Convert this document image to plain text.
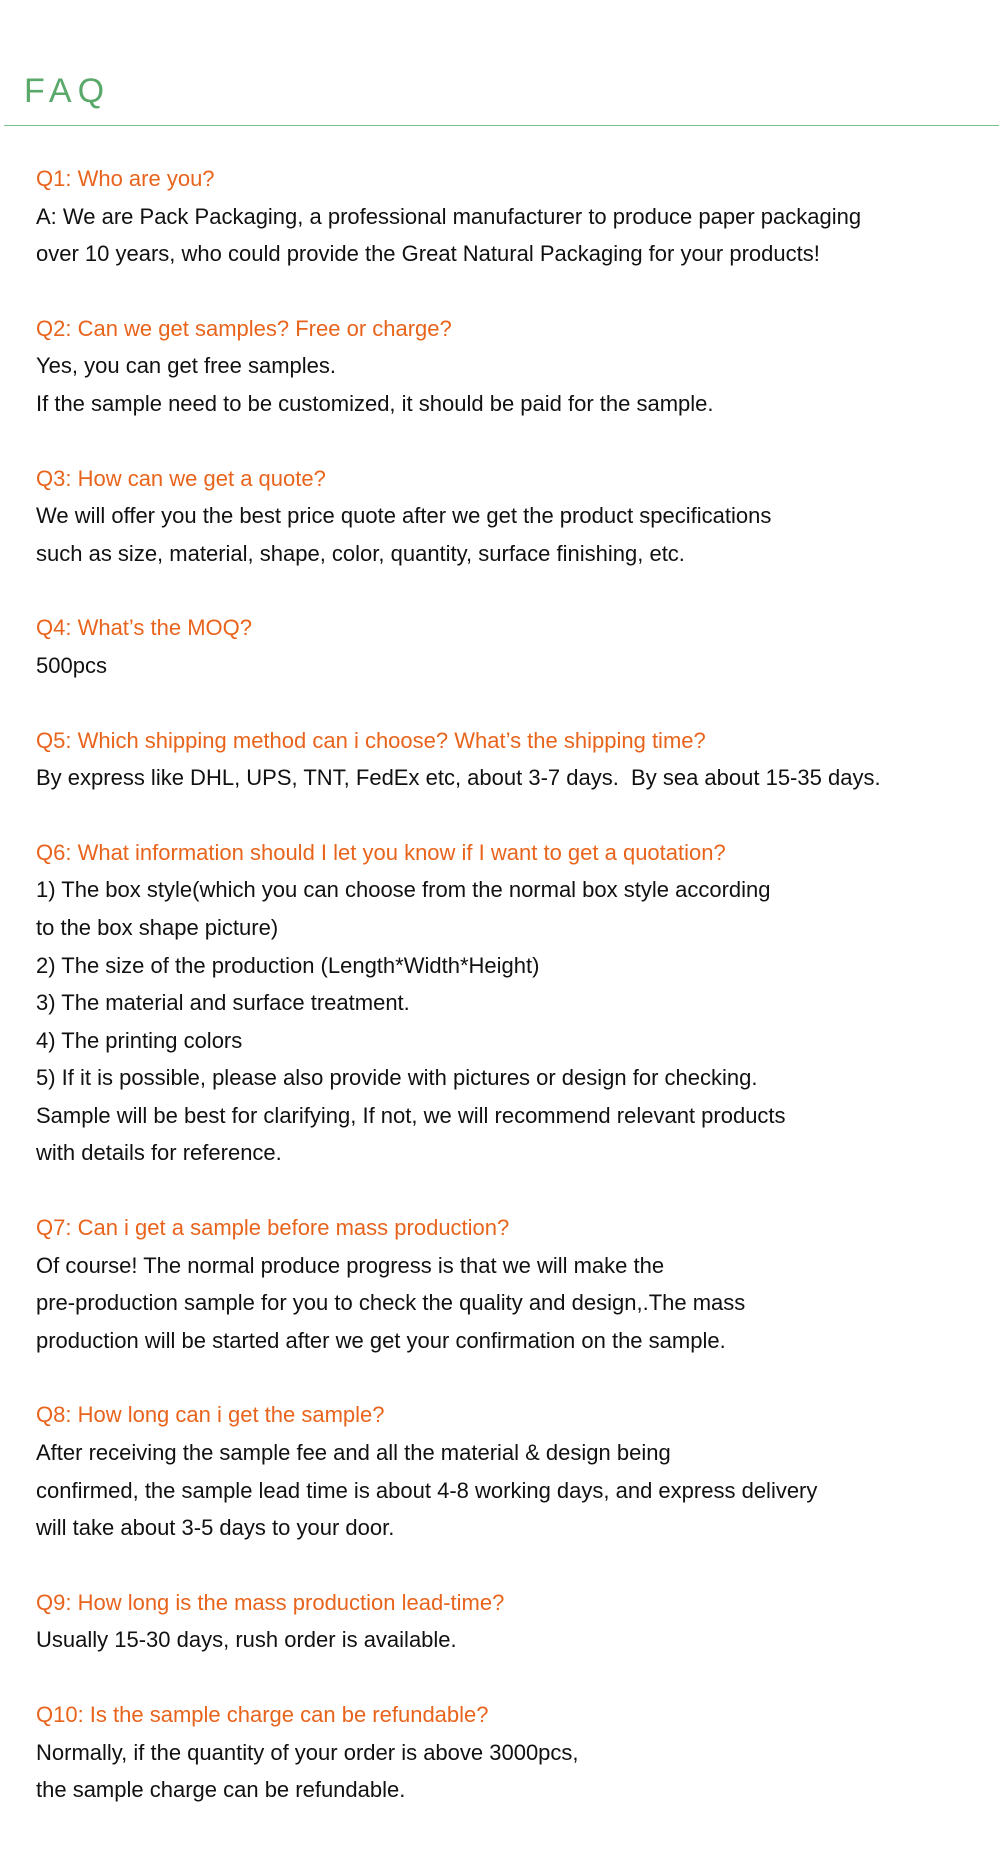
FAQ
Q1: Who are you?
A: We are Pack Packaging, a professional manufacturer to produce paper packaging
over 10 years, who could provide the Great Natural Packaging for your products!
Q2: Can we get samples? Free or charge?
Yes, you can get free samples.
If the sample need to be customized, it should be paid for the sample.
Q3: How can we get a quote?
We will offer you the best price quote after we get the product specifications
such as size, material, shape, color, quantity, surface finishing, etc.
Q4: What’s the MOQ?
500pcs
Q5: Which shipping method can i choose? What’s the shipping time?
By express like DHL, UPS, TNT, FedEx etc, about 3-7 days.  By sea about 15-35 days.
Q6: What information should I let you know if I want to get a quotation?
1) The box style(which you can choose from the normal box style according
to the box shape picture)
2) The size of the production (Length*Width*Height)
3) The material and surface treatment.
4) The printing colors
5) If it is possible, please also provide with pictures or design for checking.
Sample will be best for clarifying, If not, we will recommend relevant products
with details for reference.
Q7: Can i get a sample before mass production?
Of course! The normal produce progress is that we will make the
pre-production sample for you to check the quality and design,.The mass
production will be started after we get your confirmation on the sample.
Q8: How long can i get the sample?
After receiving the sample fee and all the material & design being
confirmed, the sample lead time is about 4-8 working days, and express delivery
will take about 3-5 days to your door.
Q9: How long is the mass production lead-time?
Usually 15-30 days, rush order is available.
Q10: Is the sample charge can be refundable?
Normally, if the quantity of your order is above 3000pcs,
the sample charge can be refundable.
